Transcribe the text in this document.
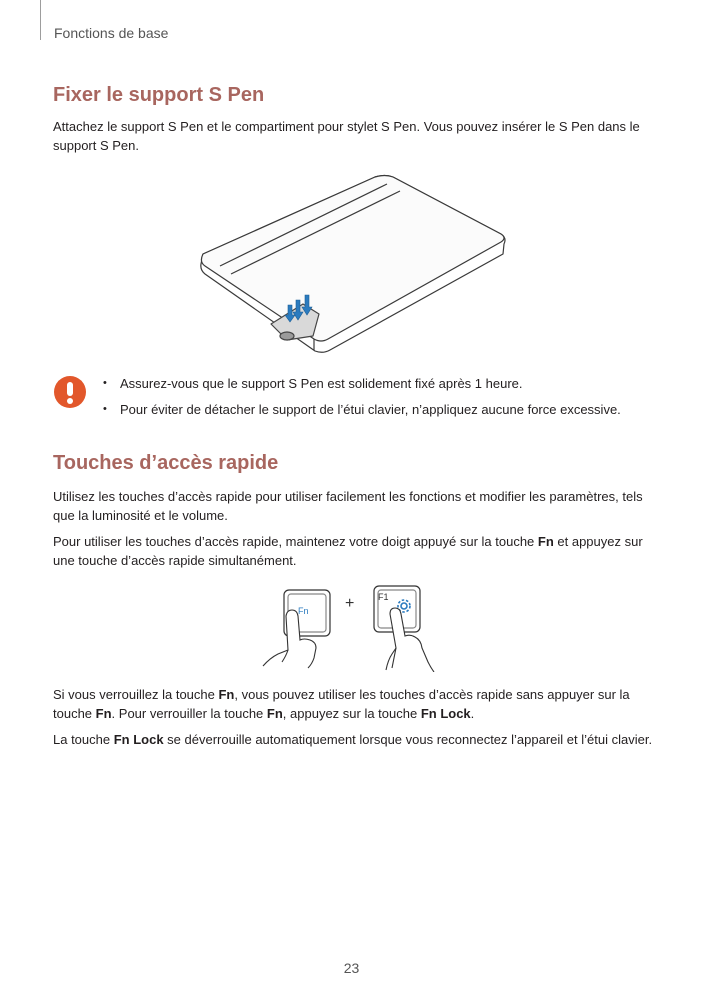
Fonctions de base
Fixer le support S Pen

Attachez le support S Pen et le compartiment pour stylet S Pen. Vous pouvez insérer le S Pen dans le support S Pen.

• Assurez-vous que le support S Pen est solidement fixé après 1 heure.
• Pour éviter de détacher le support de l’étui clavier, n’appliquez aucune force excessive.
Touches d’accès rapide

Utilisez les touches d’accès rapide pour utiliser facilement les fonctions et modifier les paramètres, tels que la luminosité et le volume.

Pour utiliser les touches d’accès rapide, maintenez votre doigt appuyé sur la touche Fn et appuyez sur une touche d’accès rapide simultanément.

Fn +	F1

Si vous verrouillez la touche Fn, vous pouvez utiliser les touches d’accès rapide sans appuyer sur la touche Fn. Pour verrouiller la touche Fn, appuyez sur la touche Fn Lock.

La touche Fn Lock se déverrouille automatiquement lorsque vous reconnectez l’appareil et l’étui clavier.

23
